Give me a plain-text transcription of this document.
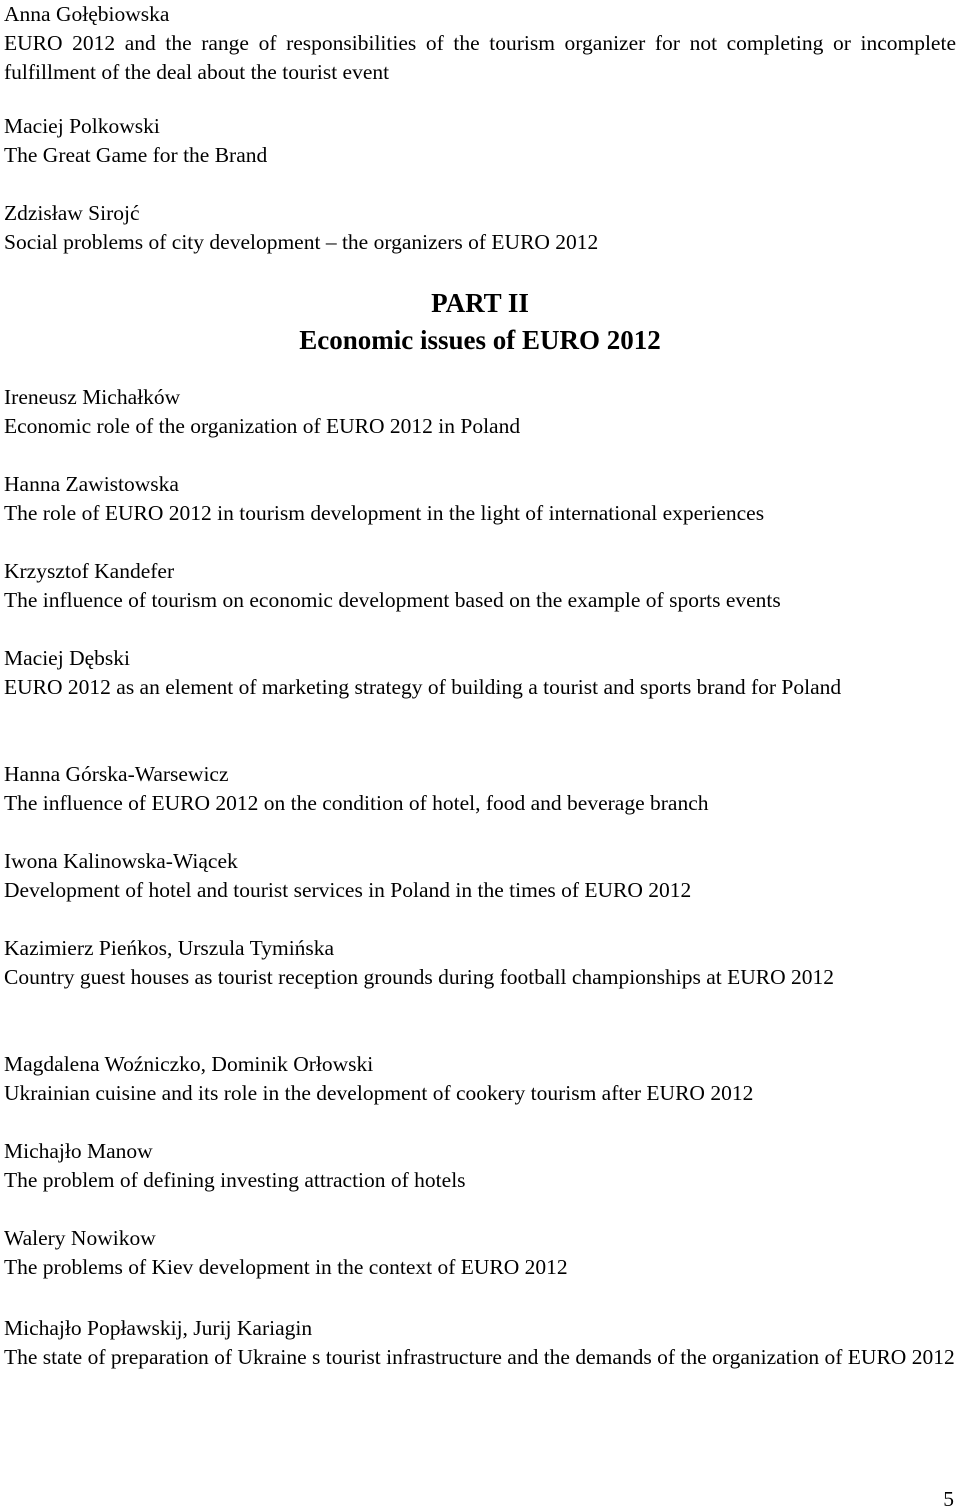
Anna Gołębiowska
EURO 2012 and the range of responsibilities of the tourism organizer for not completing or incomplete fulfillment of the deal about the tourist event
Maciej Polkowski
The Great Game for the Brand
Zdzisław Sirojć
Social problems of city development – the organizers of EURO 2012
PART II
Economic issues of EURO 2012
Ireneusz Michałków
Economic role of the organization of EURO 2012 in Poland
Hanna Zawistowska
The role of EURO 2012 in tourism development in the light of international experiences
Krzysztof Kandefer
The influence of tourism on economic development based on the example of sports events
Maciej Dębski
EURO 2012 as an element of marketing strategy of building a tourist and sports brand for Poland
Hanna Górska-Warsewicz
The influence of EURO 2012 on the condition of hotel, food and beverage branch
Iwona Kalinowska-Wiącek
Development of hotel and tourist services in Poland in the times of EURO 2012
Kazimierz Pieńkos, Urszula Tymińska
Country guest houses as tourist reception grounds during football championships at EURO 2012
Magdalena Woźniczko, Dominik Orłowski
Ukrainian cuisine and its role in the development of cookery tourism after EURO 2012
Michajło Manow
The problem of defining investing attraction of hotels
Walery Nowikow
The problems of Kiev development in the context of EURO 2012
Michajło Popławskij, Jurij Kariagin
The state of preparation of Ukraine s tourist infrastructure and the demands of the organization of EURO 2012
5
